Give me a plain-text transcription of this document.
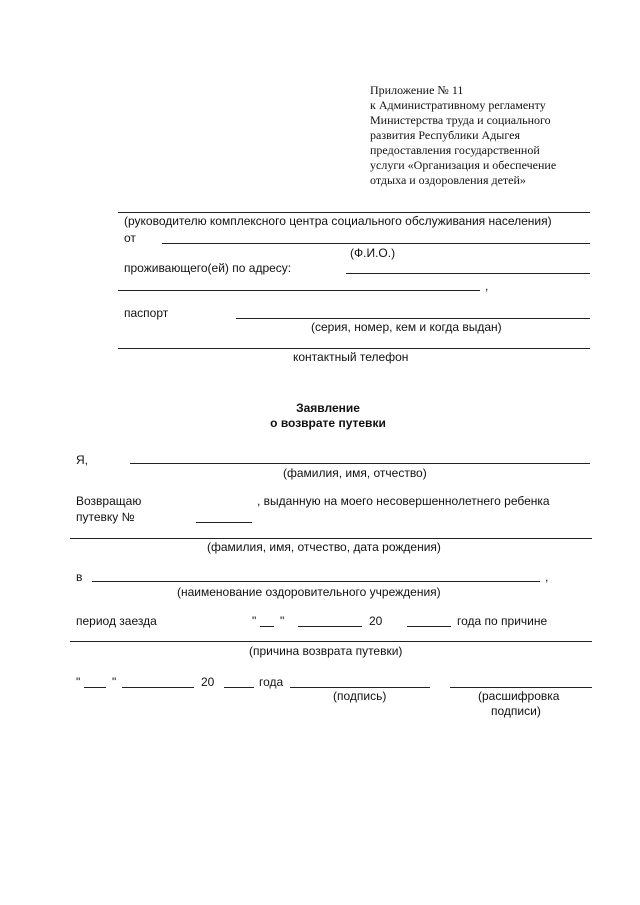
Приложение № 11
к Административному регламенту
Министерства труда и социального
развития Республики Адыгея
предоставления государственной
услуги «Организация и обеспечение
отдыха и оздоровления детей»
(руководителю комплексного центра социального обслуживания населения)
от
(Ф.И.О.)
проживающего(ей) по адресу:
,
паспорт
(серия, номер, кем и когда выдан)
контактный телефон
Заявление
о возврате путевки
Я,
(фамилия, имя, отчество)
Возвращаю	, выданную на моего несовершеннолетнего ребенка
путевку №
(фамилия, имя, отчество, дата рождения)
в	,
(наименование оздоровительного учреждения)
период заезда	" "	20	года по причине
(причина возврата путевки)
"	"	20	года
(подпись)	(расшифровка
подписи)
